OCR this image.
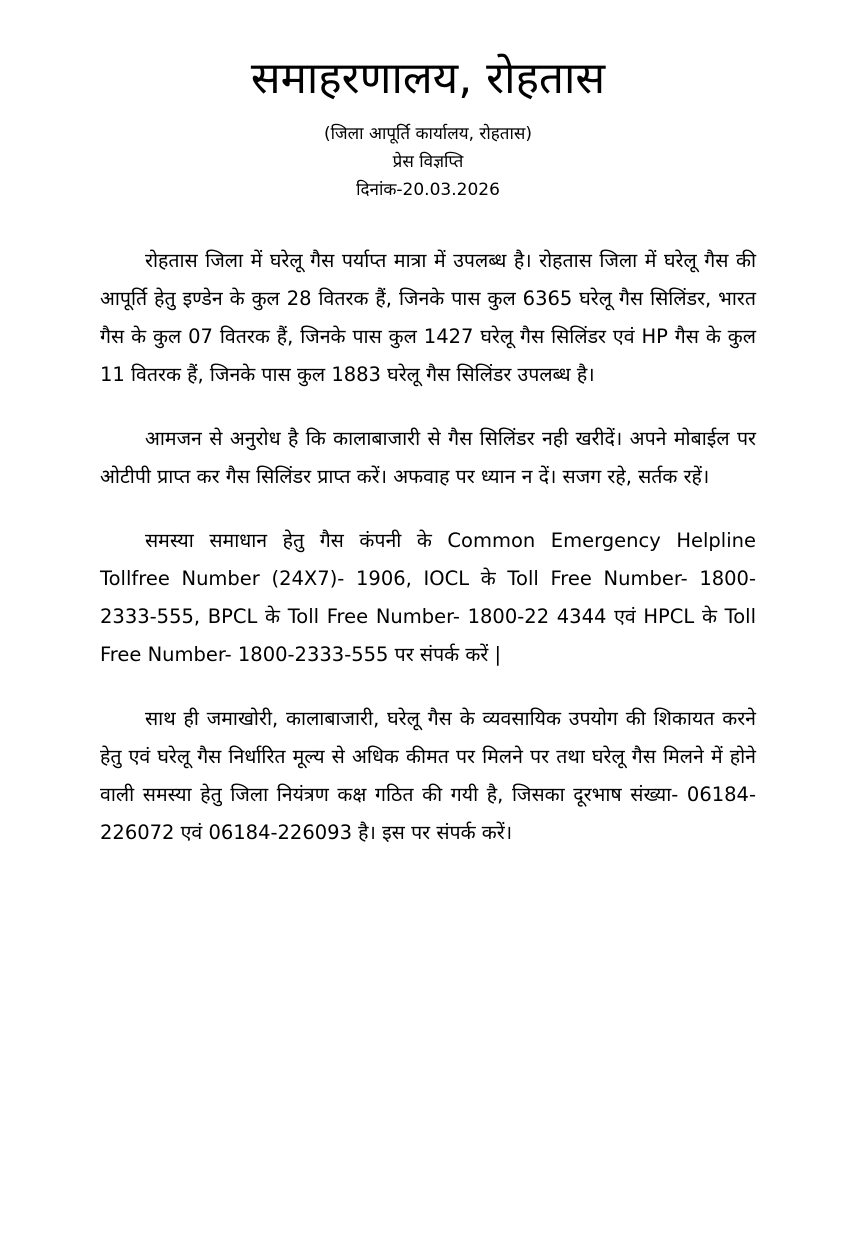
समाहरणालय, रोहतास
(जिला आपूर्ति कार्यालय, रोहतास)
प्रेस विज्ञप्ति
दिनांक-20.03.2026

रोहतास जिला में घरेलू गैस पर्याप्त मात्रा में उपलब्ध है। रोहतास जिला में घरेलू गैस की आपूर्ति हेतु इण्डेन के कुल 28 वितरक हैं, जिनके पास कुल 6365 घरेलू गैस सिलिंडर, भारत गैस के कुल 07 वितरक हैं, जिनके पास कुल 1427 घरेलू गैस सिलिंडर एवं HP गैस के कुल 11 वितरक हैं, जिनके पास कुल 1883 घरेलू गैस सिलिंडर उपलब्ध है।

आमजन से अनुरोध है कि कालाबाजारी से गैस सिलिंडर नही खरीदें। अपने मोबाईल पर ओटीपी प्राप्त कर गैस सिलिंडर प्राप्त करें। अफवाह पर ध्यान न दें। सजग रहे, सर्तक रहें।

समस्या समाधान हेतु गैस कंपनी के Common Emergency Helpline Tollfree Number (24X7)- 1906, IOCL के Toll Free Number- 1800-2333-555, BPCL के Toll Free Number- 1800-22 4344 एवं HPCL के Toll Free Number- 1800-2333-555 पर संपर्क करें |

साथ ही जमाखोरी, कालाबाजारी, घरेलू गैस के व्यवसायिक उपयोग की शिकायत करने हेतु एवं घरेलू गैस निर्धारित मूल्य से अधिक कीमत पर मिलने पर तथा घरेलू गैस मिलने में होने वाली समस्या हेतु जिला नियंत्रण कक्ष गठित की गयी है, जिसका दूरभाष संख्या- 06184-226072 एवं 06184-226093 है। इस पर संपर्क करें।
